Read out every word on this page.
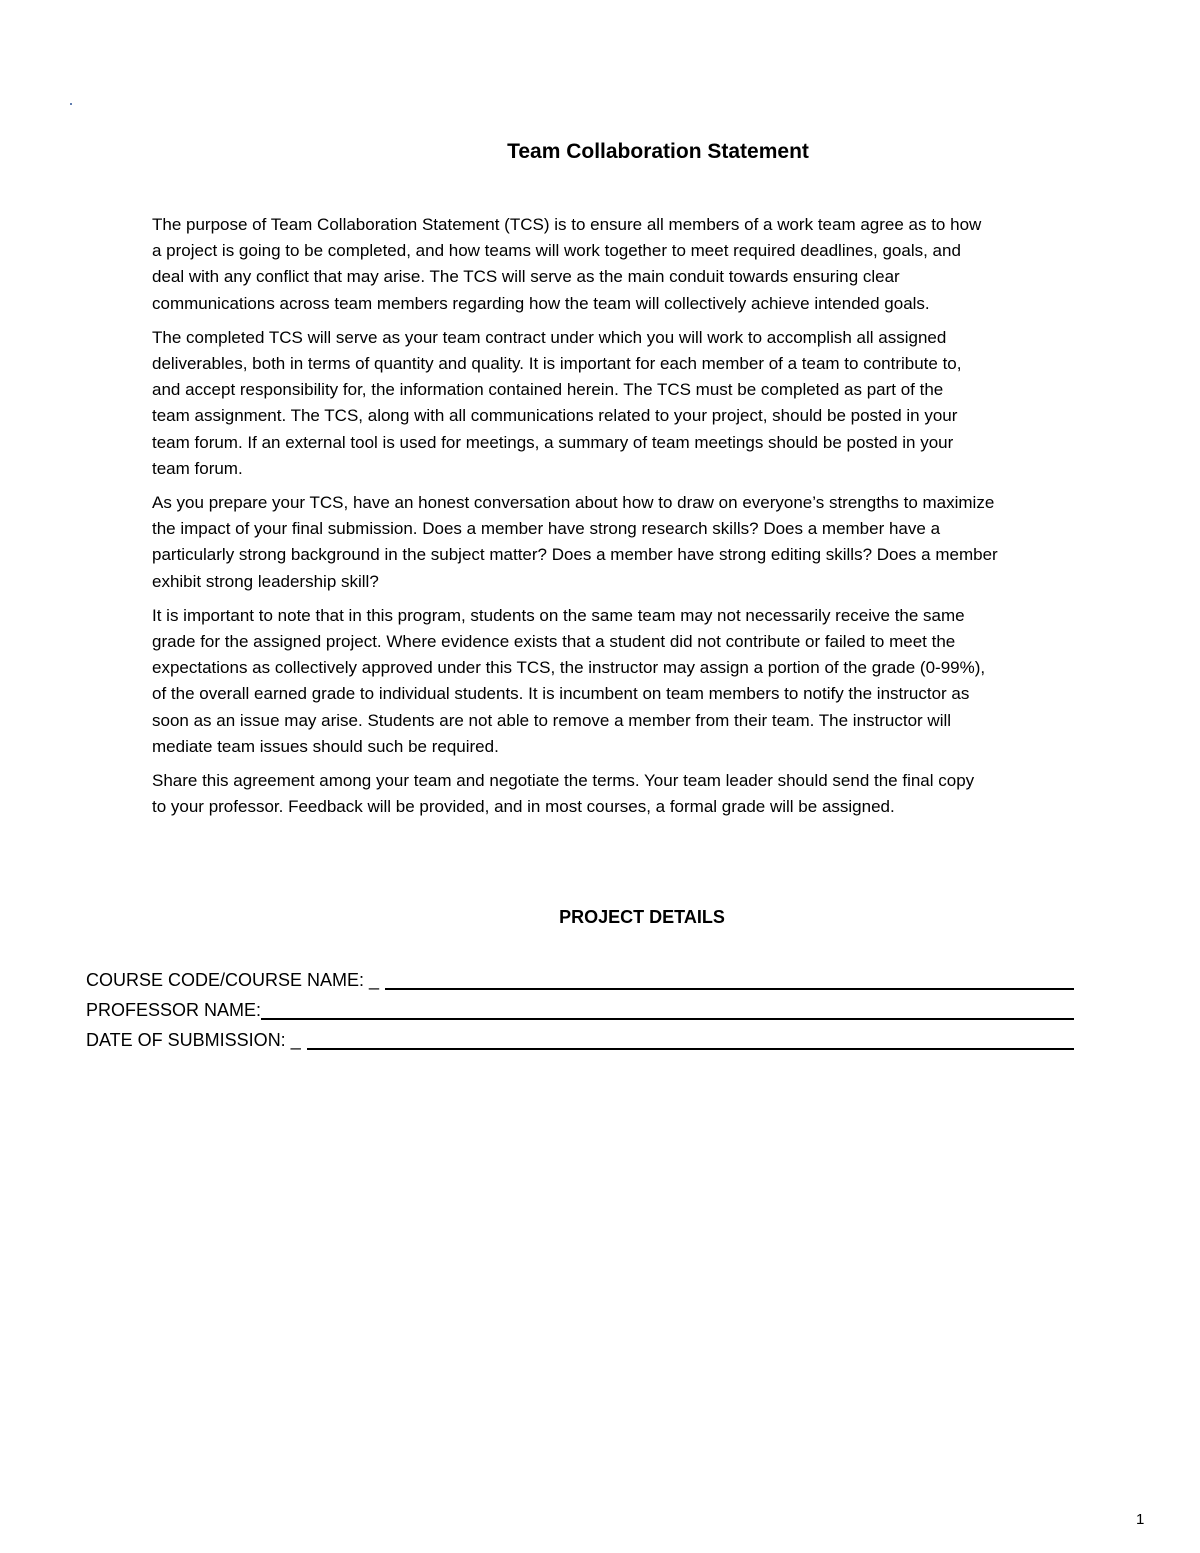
Team Collaboration Statement

The purpose of Team Collaboration Statement (TCS) is to ensure all members of a work team agree as to how
a project is going to be completed, and how teams will work together to meet required deadlines, goals, and
deal with any conflict that may arise. The TCS will serve as the main conduit towards ensuring clear
communications across team members regarding how the team will collectively achieve intended goals.

The completed TCS will serve as your team contract under which you will work to accomplish all assigned
deliverables, both in terms of quantity and quality. It is important for each member of a team to contribute to,
and accept responsibility for, the information contained herein. The TCS must be completed as part of the
team assignment. The TCS, along with all communications related to your project, should be posted in your
team forum. If an external tool is used for meetings, a summary of team meetings should be posted in your
team forum.

As you prepare your TCS, have an honest conversation about how to draw on everyone’s strengths to maximize
the impact of your final submission. Does a member have strong research skills? Does a member have a
particularly strong background in the subject matter? Does a member have strong editing skills? Does a member
exhibit strong leadership skill?

It is important to note that in this program, students on the same team may not necessarily receive the same
grade for the assigned project. Where evidence exists that a student did not contribute or failed to meet the
expectations as collectively approved under this TCS, the instructor may assign a portion of the grade (0-99%),
of the overall earned grade to individual students. It is incumbent on team members to notify the instructor as
soon as an issue may arise. Students are not able to remove a member from their team. The instructor will
mediate team issues should such be required.

Share this agreement among your team and negotiate the terms. Your team leader should send the final copy
to your professor. Feedback will be provided, and in most courses, a formal grade will be assigned.

PROJECT DETAILS
COURSE CODE/COURSE NAME: _
PROFESSOR NAME:
DATE OF SUBMISSION: _
1
